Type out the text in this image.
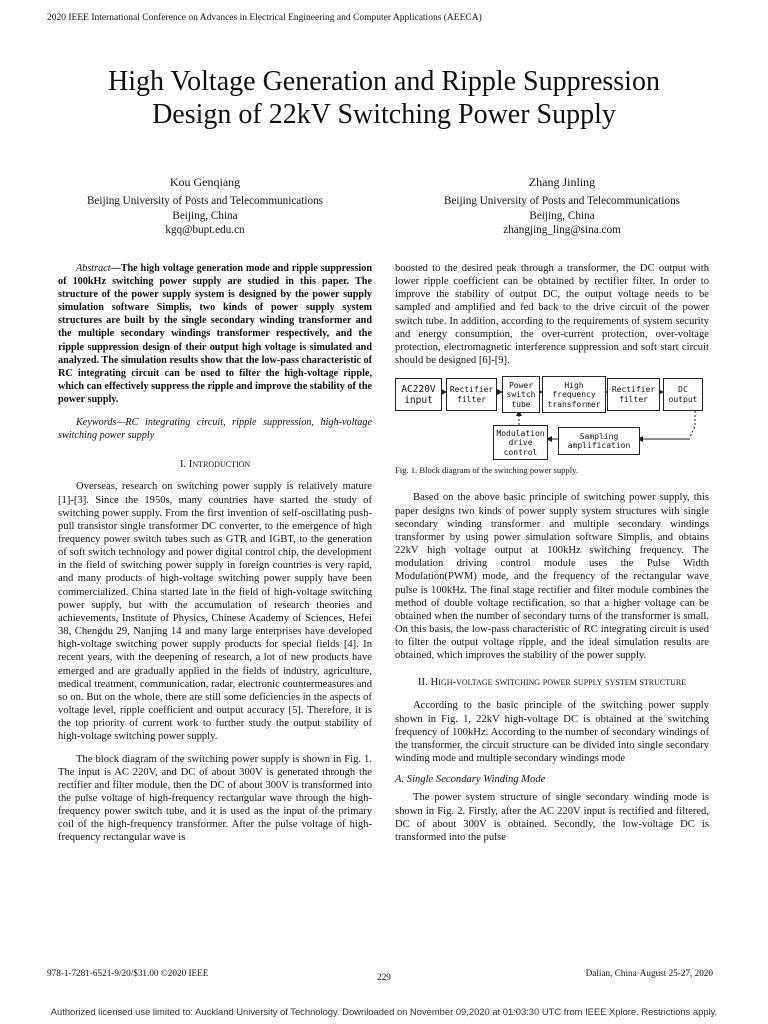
2020 IEEE International Conference on Advances in Electrical Engineering and Computer Applications (AEECA)
High Voltage Generation and Ripple Suppression
Design of 22kV Switching Power Supply
Kou Genqiang
Beijing University of Posts and Telecommunications
Beijing, China
kgq@bupt.edu.cn
Zhang Jinling
Beijing University of Posts and Telecommunications
Beijing, China
zhangjing_ling@sina.com

Abstract—The high voltage generation mode and ripple suppression of 100kHz switching power supply are studied in this paper. The structure of the power supply system is designed by the power supply simulation software Simplis, two kinds of power supply system structures are built by the single secondary winding transformer and the multiple secondary windings transformer respectively, and the ripple suppression design of their output high voltage is simulated and analyzed. The simulation results show that the low-pass characteristic of RC integrating circuit can be used to filter the high-voltage ripple, which can effectively suppress the ripple and improve the stability of the power supply.

Keywords—RC integrating circuit, ripple suppression, high-voltage switching power supply

I. Introduction

Overseas, research on switching power supply is relatively mature [1]-[3]. Since the 1950s, many countries have started the study of switching power supply. From the first invention of self-oscillating push-pull transistor single transformer DC converter, to the emergence of high frequency power switch tubes such as GTR and IGBT, to the generation of soft switch technology and power digital control chip, the development in the field of switching power supply in foreign countries is very rapid, and many products of high-voltage switching power supply have been commercialized. China started late in the field of high-voltage switching power supply, but with the accumulation of research theories and achievements, Institute of Physics, Chinese Academy of Sciences, Hefei 38, Chengdu 29, Nanjing 14 and many large enterprises have developed high-voltage switching power supply products for special fields [4]. In recent years, with the deepening of research, a lot of new products have emerged and are gradually applied in the fields of industry, agriculture, medical treatment, communication, radar, electronic countermeasures and so on. But on the whole, there are still some deficiencies in the aspects of voltage level, ripple coefficient and output accuracy [5]. Therefore, it is the top priority of current work to further study the output stability of high-voltage switching power supply.

The block diagram of the switching power supply is shown in Fig. 1. The input is AC 220V, and DC of about 300V is generated through the rectifier and filter module, then the DC of about 300V is transformed into the pulse voltage of high-frequency rectangular wave through the high-frequency power switch tube, and it is used as the input of the primary coil of the high-frequency transformer. After the pulse voltage of high-frequency rectangular wave is

boosted to the desired peak through a transformer, the DC output with lower ripple coefficient can be obtained by rectifier filter. In order to improve the stability of output DC, the output voltage needs to be sampled and amplified and fed back to the drive circuit of the power switch tube. In addition, according to the requirements of system security and energy consumption, the over-current protection, over-voltage protection, electromagnetic interference suppression and soft start circuit should be designed [6]-[9].

AC220V input
Rectifier filter
Power switch tube
High frequency transformer
Rectifier filter
DC output
Modulation drive control
Sampling amplification
Fig. 1. Block diagram of the switching power supply.

Based on the above basic principle of switching power supply, this paper designs two kinds of power supply system structures with single secondary winding transformer and multiple secondary windings transformer by using power simulation software Simplis, and obtains 22kV high voltage output at 100kHz switching frequency. The modulation driving control module uses the Pulse Width Modulation(PWM) mode, and the frequency of the rectangular wave pulse is 100kHz. The final stage rectifier and filter module combines the method of double voltage rectification, so that a higher voltage can be obtained when the number of secondary turns of the transformer is small. On this basis, the low-pass characteristic of RC integrating circuit is used to filter the output voltage ripple, and the ideal simulation results are obtained, which improves the stability of the power supply.

II. High-voltage switching power supply system structure

According to the basic principle of the switching power supply shown in Fig. 1, 22kV high-voltage DC is obtained at the switching frequency of 100kHz. According to the number of secondary windings of the transformer, the circuit structure can be divided into single secondary winding mode and multiple secondary windings mode

A. Single Secondary Winding Mode

The power system structure of single secondary winding mode is shown in Fig. 2. Firstly, after the AC 220V input is rectified and filtered, DC of about 300V is obtained. Secondly, the low-voltage DC is transformed into the pulse

978-1-7281-6521-9/20/$31.00 ©2020 IEEE	229	Dalian, China·August 25-27, 2020
Authorized licensed use limited to: Auckland University of Technology. Downloaded on November 09,2020 at 01:03:30 UTC from IEEE Xplore. Restrictions apply.
